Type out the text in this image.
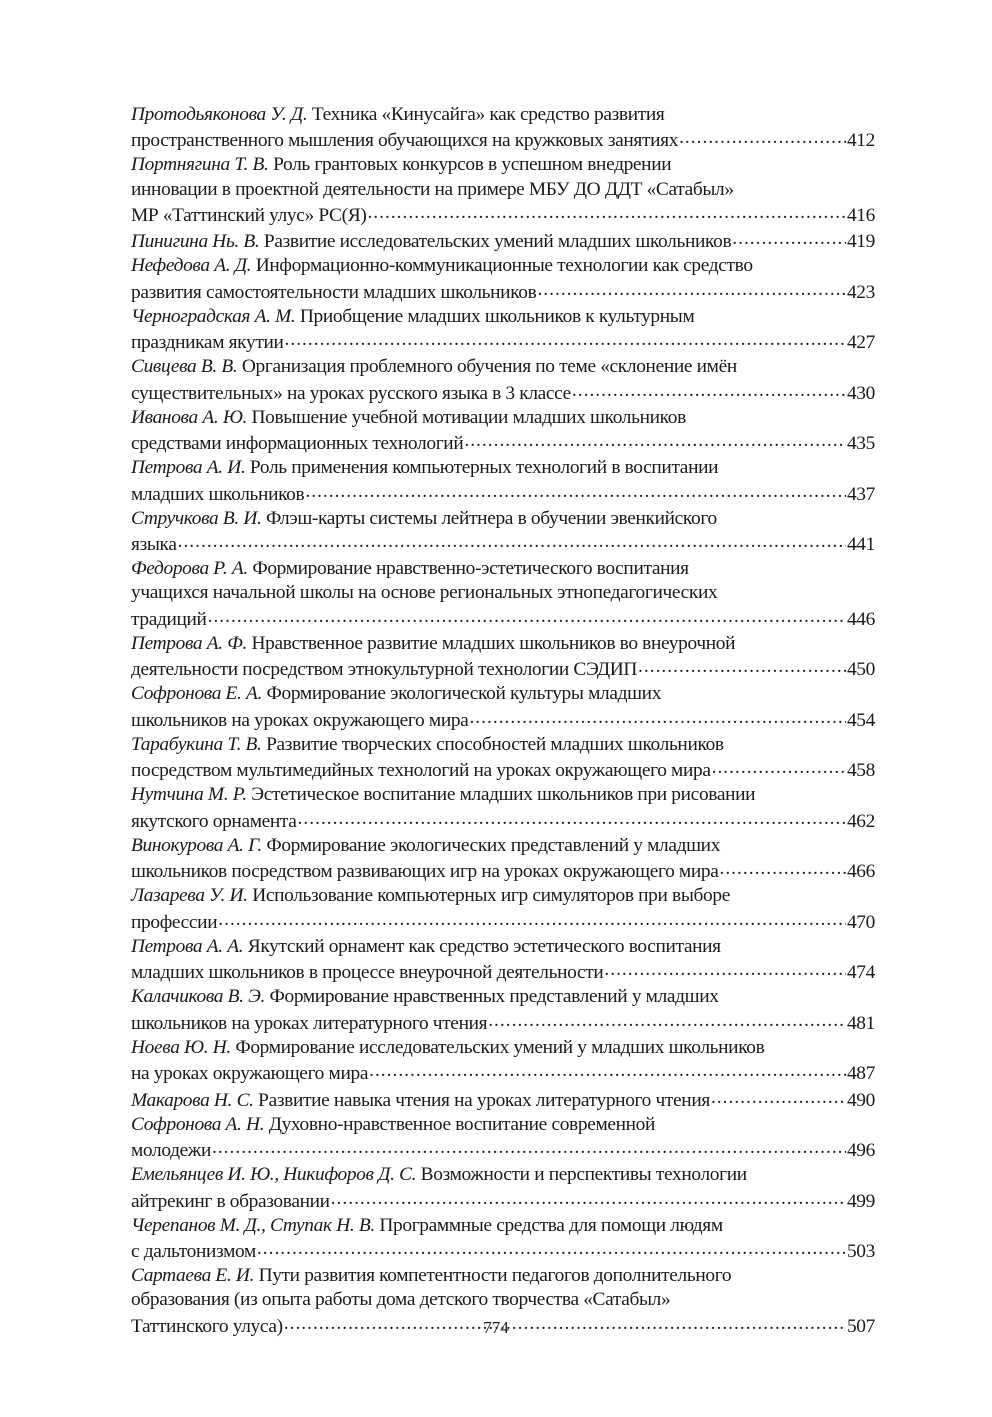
Протодьяконова У. Д. Техника «Кинусайга» как средство развития
пространственного мышления обучающихся на кружковых занятиях .....	412
Портнягина Т. В. Роль грантовых конкурсов в успешном внедрении
инновации в проектной деятельности на примере МБУ ДО ДДТ «Сатабыл»
МР «Таттинский улус» РС(Я) .....	416
Пинигина Нь. В. Развитие исследовательских умений младших школьников .....	419
Нефедова А. Д. Информационно-коммуникационные технологии как средство
развития самостоятельности младших школьников .....	423
Черноградская А. М. Приобщение младших школьников к культурным
праздникам якутии .....	427
Сивцева В. В. Организация проблемного обучения по теме «склонение имён
существительных» на уроках русского языка в 3 классе .....	430
Иванова А. Ю. Повышение учебной мотивации младших школьников
средствами информационных технологий .....	435
Петрова А. И. Роль применения компьютерных технологий в воспитании
младших школьников .....	437
Стручкова В. И. Флэш-карты системы лейтнера в обучении эвенкийского
языка .....	441
Федорова Р. А. Формирование нравственно-эстетического воспитания
учащихся начальной школы на основе региональных этнопедагогических
традиций .....	446
Петрова А. Ф. Нравственное развитие младших школьников во внеурочной
деятельности посредством этнокультурной технологии СЭДИП .....	450
Софронова Е. А. Формирование экологической культуры младших
школьников на уроках окружающего мира .....	454
Тарабукина Т. В. Развитие творческих способностей младших школьников
посредством мультимедийных технологий на уроках окружающего мира .....	458
Нутчина М. Р. Эстетическое воспитание младших школьников при рисовании
якутского орнамента .....	462
Винокурова А. Г. Формирование экологических представлений у младших
школьников посредством развивающих игр на уроках окружающего мира .....	466
Лазарева У. И. Использование компьютерных игр симуляторов при выборе
профессии .....	470
Петрова А. А. Якутский орнамент как средство эстетического воспитания
младших школьников в процессе внеурочной деятельности .....	474
Калачикова В. Э. Формирование нравственных представлений у младших
школьников на уроках литературного чтения .....	481
Ноева Ю. Н. Формирование исследовательских умений у младших школьников
на уроках окружающего мира .....	487
Макарова Н. С. Развитие навыка чтения на уроках литературного чтения .....	490
Софронова А. Н. Духовно-нравственное воспитание современной
молодежи .....	496
Емельянцев И. Ю., Никифоров Д. С. Возможности и перспективы технологии
айтрекинг в образовании .....	499
Черепанов М. Д., Ступак Н. В. Программные средства для помощи людям
с дальтонизмом .....	503
Сартаева Е. И. Пути развития компетентности педагогов дополнительного
образования (из опыта работы дома детского творчества «Сатабыл»
Таттинского улуса) .....	507
774
